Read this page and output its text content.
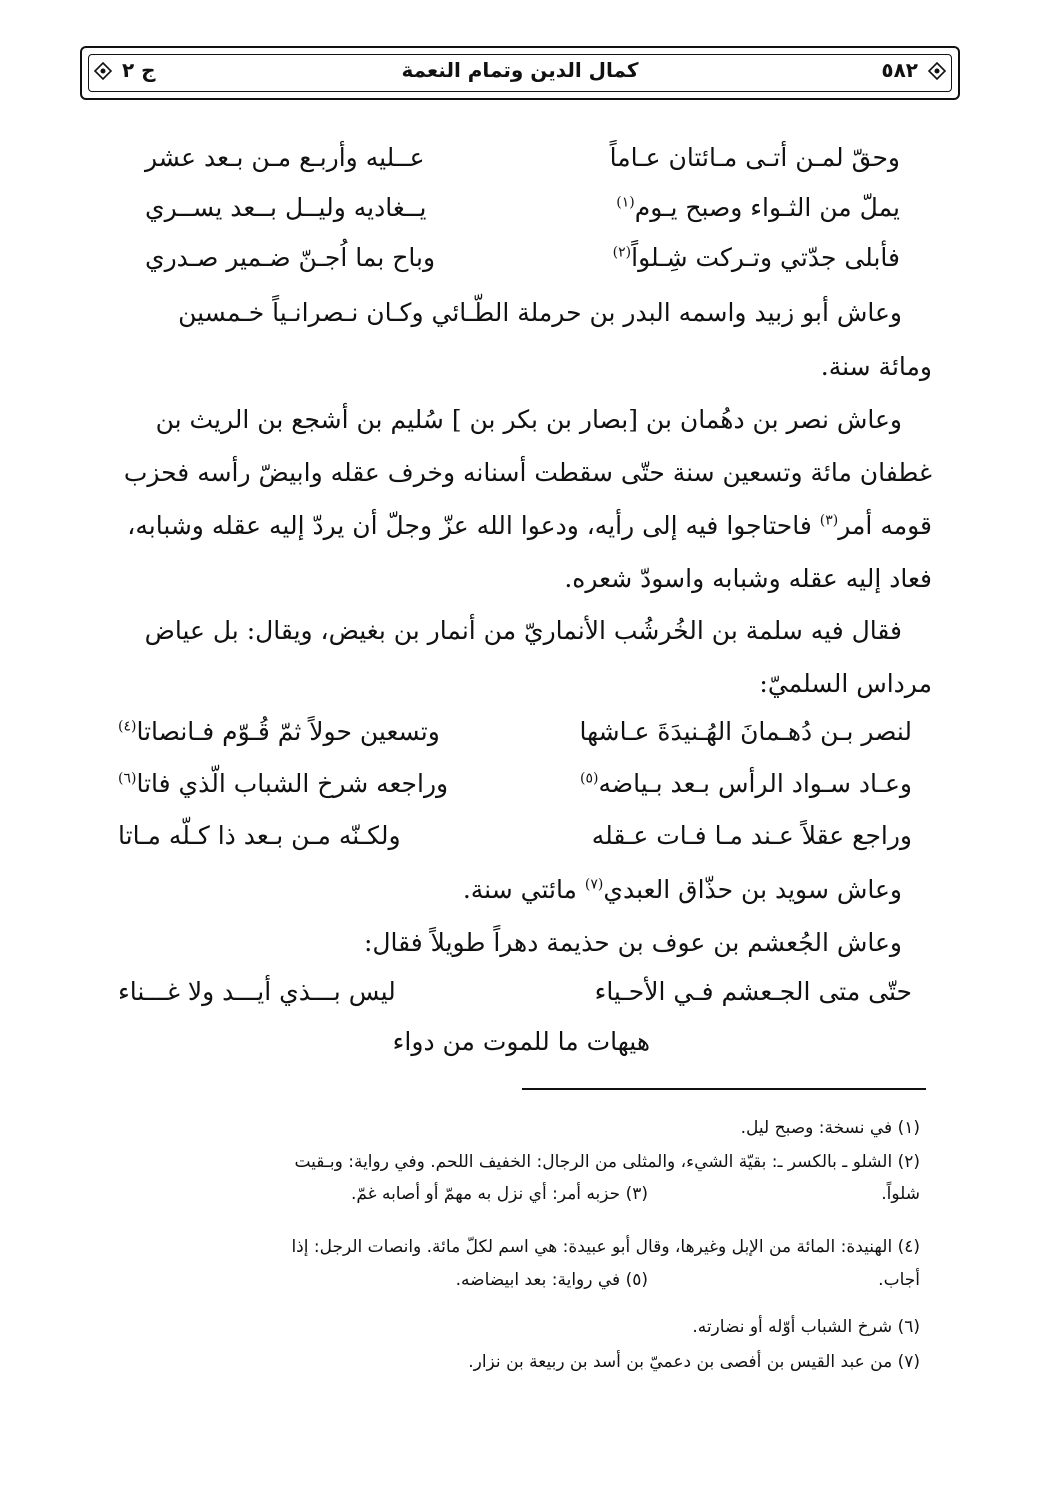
٥٨٢
كمال الدين وتمام النعمة
ج ٢
وحقّ لمـن أتـى مـائتان عـاماً
عــليه وأربـع مـن بـعد عشر
يملّ من الثـواء وصبح يـوم$^{(١)}$
يــغاديه وليــل بــعد يســري
فأبلى جدّتي وتـركت شِـلواً$^{(٢)}$
وباح بما اُجـنّ ضـمير صـدري
وعاش أبو زبيد واسمه البدر بن حرملة الطّـائي وكـان نـصرانـياً خـمسين
ومائة سنة.
وعاش نصر بن دهُمان بن [بصار بن بكر بن ] سُليم بن أشجع بن الريث بن
غطفان مائة وتسعين سنة حتّى سقطت أسنانه وخرف عقله وابيضّ رأسه فحزب
قومه أمر$^{(٣)}$ فاحتاجوا فيه إلى رأيه، ودعوا الله عزّ وجلّ أن يردّ إليه عقله وشبابه،
فعاد إليه عقله وشبابه واسودّ شعره.
فقال فيه سلمة بن الخُرشُب الأنماريّ من أنمار بن بغيض، ويقال: بل عياض
مرداس السلميّ:
لنصر بـن دُهـمانَ الهُـنيدَةَ عـاشها
وتسعين حولاً ثمّ قُـوّم فـانصاتا$^{(٤)}$
وعـاد سـواد الرأس بـعد بـياضه$^{(٥)}$
وراجعه شرخ الشباب الّذي فاتا$^{(٦)}$
وراجع عقلاً عـند مـا فـات عـقله
ولكـنّه مـن بـعد ذا كـلّه مـاتا
وعاش سويد بن حذّاق العبدي$^{(٧)}$ مائتي سنة.
وعاش الجُعشم بن عوف بن حذيمة دهراً طويلاً فقال:
حتّى متى الجـعشم فـي الأحـياء
ليس بـــذي أيـــد ولا غـــناء
هيهات ما للموت من دواء
(١) في نسخة: وصبح ليل.
(٢) الشلو ـ بالكسر ـ: بقيّة الشيء، والمثلى من الرجال: الخفيف اللحم. وفي رواية: وبـقيت
شلواً.
(٣) حزبه أمر: أي نزل به مهمّ أو أصابه غمّ.
(٤) الهنيدة: المائة من الإبل وغيرها، وقال أبو عبيدة: هي اسم لكلّ مائة. وانصات الرجل: إذا
أجاب.
(٥) في رواية: بعد ابيضاضه.
(٦) شرخ الشباب أوّله أو نضارته.
(٧) من عبد القيس بن أفصى بن دعميّ بن أسد بن ربيعة بن نزار.
